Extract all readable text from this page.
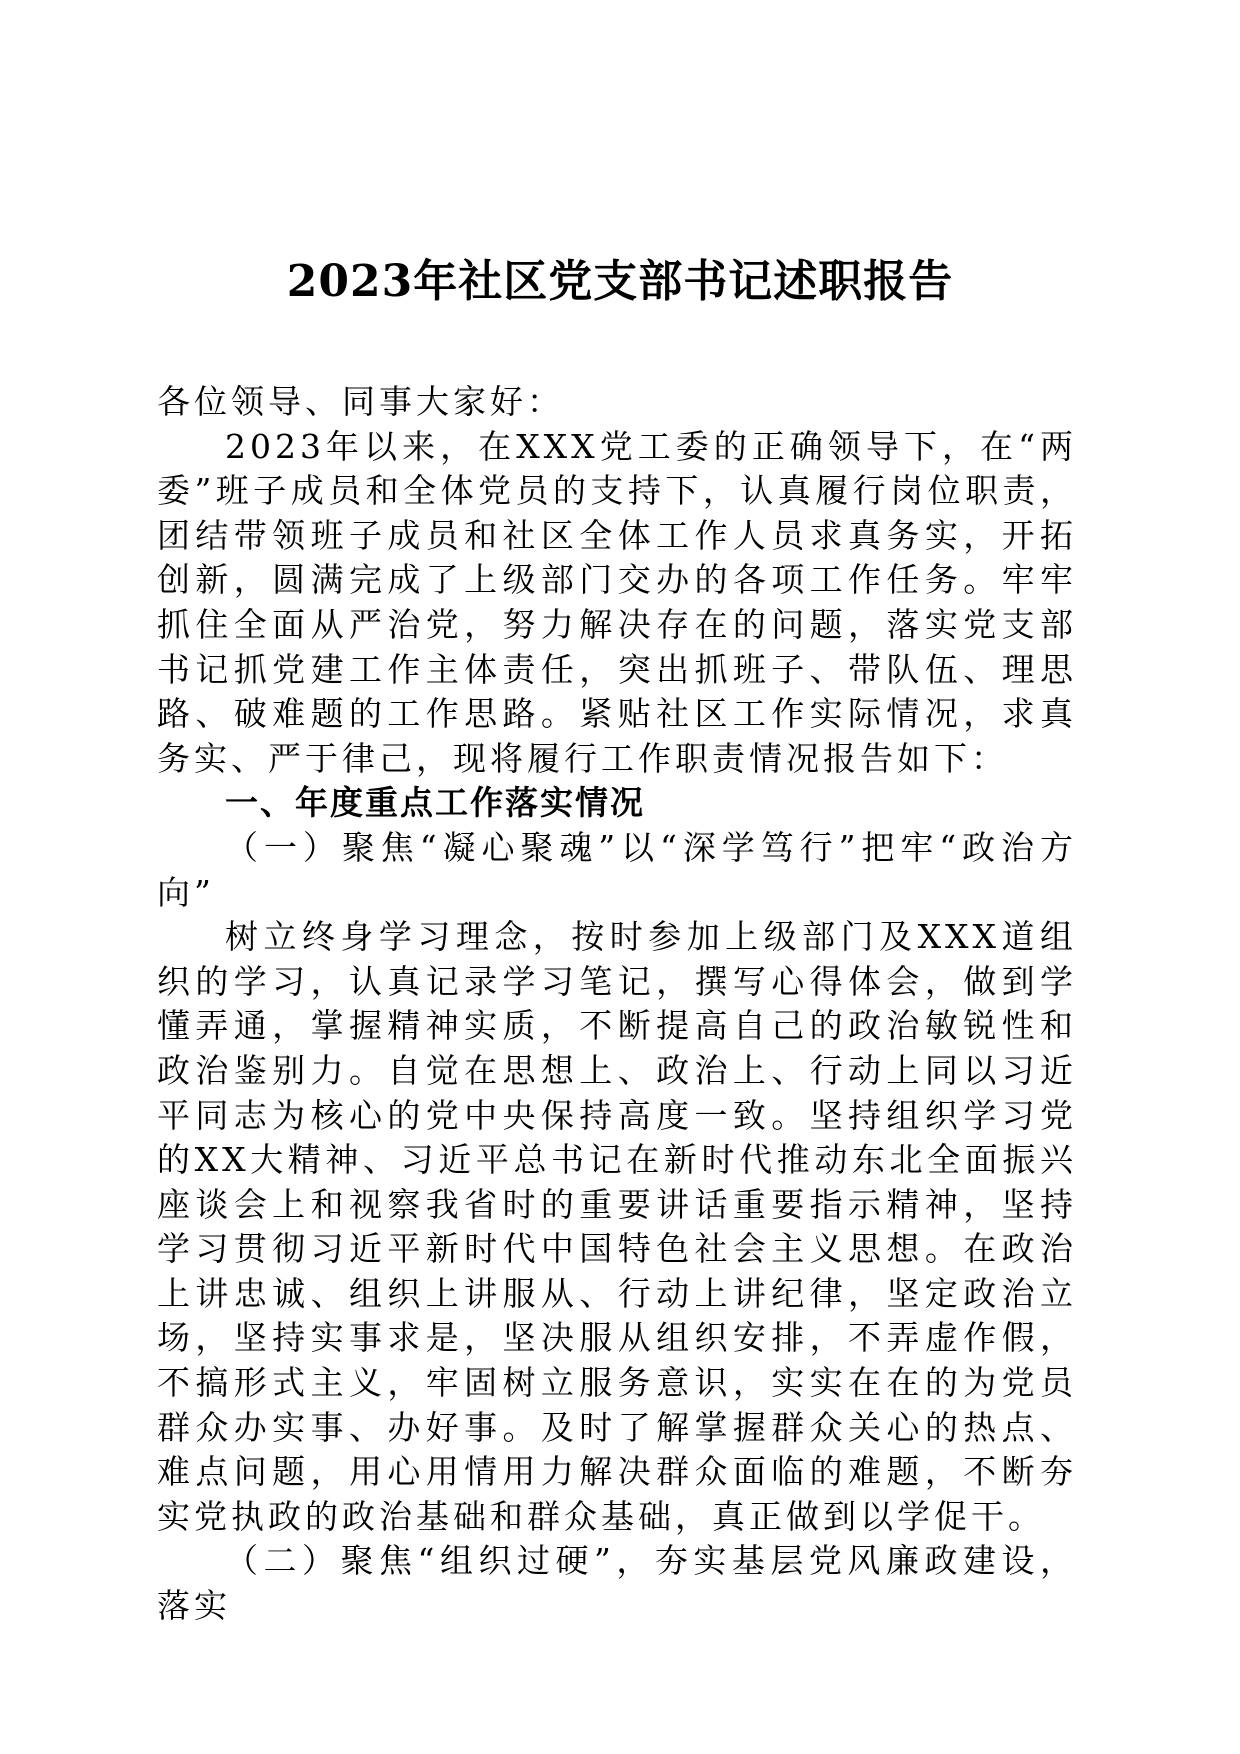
2023年社区党支部书记述职报告

各位领导、同事大家好：

2023年以来，在XXX党工委的正确领导下，在“两委”班子成员和全体党员的支持下，认真履行岗位职责，团结带领班子成员和社区全体工作人员求真务实，开拓创新，圆满完成了上级部门交办的各项工作任务。牢牢抓住全面从严治党，努力解决存在的问题，落实党支部书记抓党建工作主体责任，突出抓班子、带队伍、理思路、破难题的工作思路。紧贴社区工作实际情况，求真务实、严于律己，现将履行工作职责情况报告如下：

一、年度重点工作落实情况

（一）聚焦“凝心聚魂”以“深学笃行”把牢“政治方向”

树立终身学习理念，按时参加上级部门及XXX道组织的学习，认真记录学习笔记，撰写心得体会，做到学懂弄通，掌握精神实质，不断提高自己的政治敏锐性和政治鉴别力。自觉在思想上、政治上、行动上同以习近平同志为核心的党中央保持高度一致。坚持组织学习党的XX大精神、习近平总书记在新时代推动东北全面振兴座谈会上和视察我省时的重要讲话重要指示精神，坚持学习贯彻习近平新时代中国特色社会主义思想。在政治上讲忠诚、组织上讲服从、行动上讲纪律，坚定政治立场，坚持实事求是，坚决服从组织安排，不弄虚作假，不搞形式主义，牢固树立服务意识，实实在在的为党员群众办实事、办好事。及时了解掌握群众关心的热点、难点问题，用心用情用力解决群众面临的难题，不断夯实党执政的政治基础和群众基础，真正做到以学促干。

（二）聚焦“组织过硬”，夯实基层党风廉政建设，落实
